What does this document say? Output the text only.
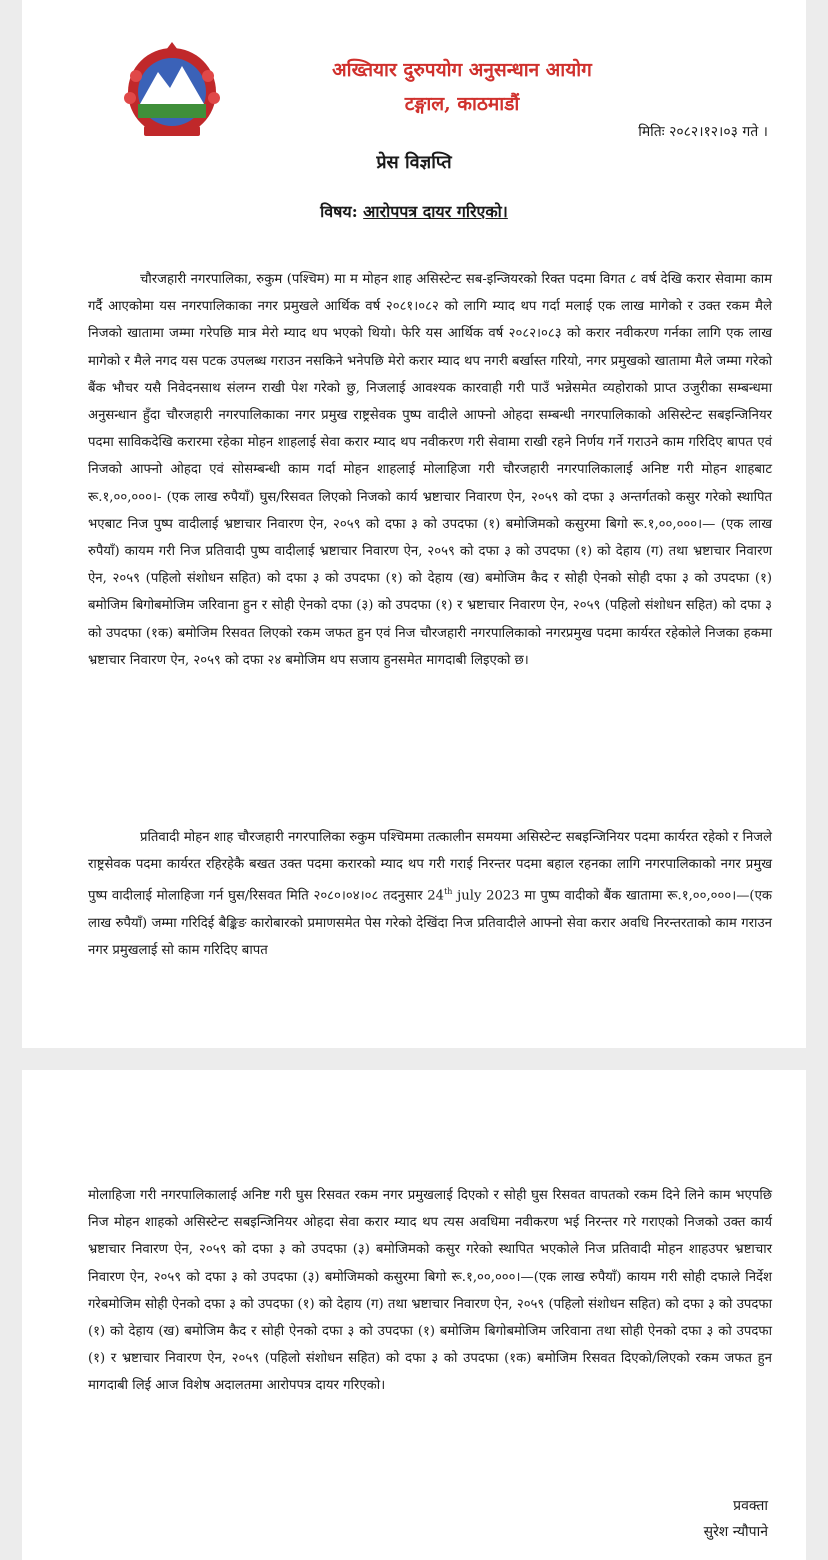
अख्तियार दुरुपयोग अनुसन्धान आयोग
टङ्गाल, काठमाडौं
मितिः २०८२।१२।०३ गते ।
प्रेस विज्ञप्ति
विषय: आरोपपत्र दायर गरिएको।

चौरजहारी नगरपालिका, रुकुम (पश्चिम) मा म मोहन शाह असिस्टेन्ट सब-इन्जियरको रिक्त पदमा विगत ८ वर्ष देखि करार सेवामा काम गर्दै आएकोमा यस नगरपालिकाका नगर प्रमुखले आर्थिक वर्ष २०८१।०८२ को लागि म्याद थप गर्दा मलाई एक लाख मागेको र उक्त रकम मैले निजको खातामा जम्मा गरेपछि मात्र मेरो म्याद थप भएको थियो। फेरि यस आर्थिक वर्ष २०८२।०८३ को करार नवीकरण गर्नका लागि एक लाख मागेको र मैले नगद यस पटक उपलब्ध गराउन नसकिने भनेपछि मेरो करार म्याद थप नगरी बर्खास्त गरियो, नगर प्रमुखको खातामा मैले जम्मा गरेको बैंक भौचर यसै निवेदनसाथ संलग्न राखी पेश गरेको छु, निजलाई आवश्यक कारवाही गरी पाउँ भन्नेसमेत व्यहोराको प्राप्त उजुरीका सम्बन्धमा अनुसन्धान हुँदा चौरजहारी नगरपालिकाका नगर प्रमुख राष्ट्रसेवक पुष्प वादीले आफ्नो ओहदा सम्बन्धी नगरपालिकाको असिस्टेन्ट सबइन्जिनियर पदमा साविकदेखि करारमा रहेका मोहन शाहलाई सेवा करार म्याद थप नवीकरण गरी सेवामा राखी रहने निर्णय गर्ने गराउने काम गरिदिए बापत एवं निजको आफ्नो ओहदा एवं सोसम्बन्धी काम गर्दा मोहन शाहलाई मोलाहिजा गरी चौरजहारी नगरपालिकालाई अनिष्ट गरी मोहन शाहबाट रू.१,००,०००।- (एक लाख रुपैयाँ) घुस/रिसवत लिएको निजको कार्य भ्रष्टाचार निवारण ऐन, २०५९ को दफा ३ अन्तर्गतको कसुर गरेको स्थापित भएबाट निज पुष्प वादीलाई भ्रष्टाचार निवारण ऐन, २०५९ को दफा ३ को उपदफा (१) बमोजिमको कसुरमा बिगो रू.१,००,०००।— (एक लाख रुपैयाँ) कायम गरी निज प्रतिवादी पुष्प वादीलाई भ्रष्टाचार निवारण ऐन, २०५९ को दफा ३ को उपदफा (१) को देहाय (ग) तथा भ्रष्टाचार निवारण ऐन, २०५९ (पहिलो संशोधन सहित) को दफा ३ को उपदफा (१) को देहाय (ख) बमोजिम कैद र सोही ऐनको सोही दफा ३ को उपदफा (१) बमोजिम बिगोबमोजिम जरिवाना हुन र सोही ऐनको दफा (३) को उपदफा (१) र भ्रष्टाचार निवारण ऐन, २०५९ (पहिलो संशोधन सहित) को दफा ३ को उपदफा (१क) बमोजिम रिसवत लिएको रकम जफत हुन एवं निज चौरजहारी नगरपालिकाको नगरप्रमुख पदमा कार्यरत रहेकोले निजका हकमा भ्रष्टाचार निवारण ऐन, २०५९ को दफा २४ बमोजिम थप सजाय हुनसमेत मागदाबी लिइएको छ।

प्रतिवादी मोहन शाह चौरजहारी नगरपालिका रुकुम पश्चिममा तत्कालीन समयमा असिस्टेन्ट सबइन्जिनियर पदमा कार्यरत रहेको र निजले राष्ट्रसेवक पदमा कार्यरत रहिरहेकै बखत उक्त पदमा करारको म्याद थप गरी गराई निरन्तर पदमा बहाल रहनका लागि नगरपालिकाको नगर प्रमुख पुष्प वादीलाई मोलाहिजा गर्न घुस/रिसवत मिति २०८०।०४।०८ तदनुसार 24th july 2023 मा पुष्प वादीको बैंक खातामा रू.१,००,०००।—(एक लाख रुपैयाँ) जम्मा गरिदिई बैङ्किङ कारोबारको प्रमाणसमेत पेस गरेको देखिंदा निज प्रतिवादीले आफ्नो सेवा करार अवधि निरन्तरताको काम गराउन नगर प्रमुखलाई सो काम गरिदिए बापत

मोलाहिजा गरी नगरपालिकालाई अनिष्ट गरी घुस रिसवत रकम नगर प्रमुखलाई दिएको र सोही घुस रिसवत वापतको रकम दिने लिने काम भएपछि निज मोहन शाहको असिस्टेन्ट सबइन्जिनियर ओहदा सेवा करार म्याद थप त्यस अवधिमा नवीकरण भई निरन्तर गरे गराएको निजको उक्त कार्य भ्रष्टाचार निवारण ऐन, २०५९ को दफा ३ को उपदफा (३) बमोजिमको कसुर गरेको स्थापित भएकोले निज प्रतिवादी मोहन शाहउपर भ्रष्टाचार निवारण ऐन, २०५९ को दफा ३ को उपदफा (३) बमोजिमको कसुरमा बिगो रू.१,००,०००।—(एक लाख रुपैयाँ) कायम गरी सोही दफाले निर्देश गरेबमोजिम सोही ऐनको दफा ३ को उपदफा (१) को देहाय (ग) तथा भ्रष्टाचार निवारण ऐन, २०५९ (पहिलो संशोधन सहित) को दफा ३ को उपदफा (१) को देहाय (ख) बमोजिम कैद र सोही ऐनको दफा ३ को उपदफा (१) बमोजिम बिगोबमोजिम जरिवाना तथा सोही ऐनको दफा ३ को उपदफा (१) र भ्रष्टाचार निवारण ऐन, २०५९ (पहिलो संशोधन सहित) को दफा ३ को उपदफा (१क) बमोजिम रिसवत दिएको/लिएको रकम जफत हुन मागदाबी लिई आज विशेष अदालतमा आरोपपत्र दायर गरिएको।

प्रवक्ता
सुरेश न्यौपाने
